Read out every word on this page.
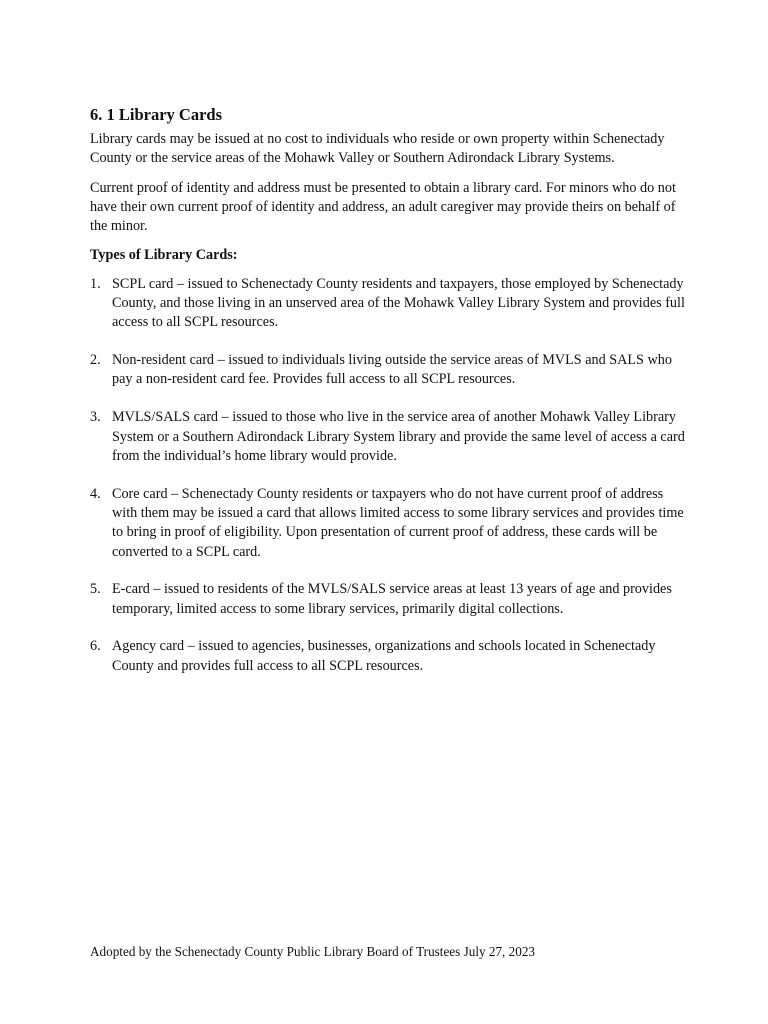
6. 1 Library Cards

Library cards may be issued at no cost to individuals who reside or own property within Schenectady County or the service areas of the Mohawk Valley or Southern Adirondack Library Systems.

Current proof of identity and address must be presented to obtain a library card. For minors who do not have their own current proof of identity and address, an adult caregiver may provide theirs on behalf of the minor.

Types of Library Cards:
1. SCPL card – issued to Schenectady County residents and taxpayers, those employed by Schenectady County, and those living in an unserved area of the Mohawk Valley Library System and provides full access to all SCPL resources.
2. Non-resident card – issued to individuals living outside the service areas of MVLS and SALS who pay a non-resident card fee. Provides full access to all SCPL resources.
3. MVLS/SALS card – issued to those who live in the service area of another Mohawk Valley Library System or a Southern Adirondack Library System library and provide the same level of access a card from the individual’s home library would provide.
4. Core card – Schenectady County residents or taxpayers who do not have current proof of address with them may be issued a card that allows limited access to some library services and provides time to bring in proof of eligibility. Upon presentation of current proof of address, these cards will be converted to a SCPL card.
5. E-card – issued to residents of the MVLS/SALS service areas at least 13 years of age and provides temporary, limited access to some library services, primarily digital collections.
6. Agency card – issued to agencies, businesses, organizations and schools located in Schenectady County and provides full access to all SCPL resources.
Adopted by the Schenectady County Public Library Board of Trustees July 27, 2023
